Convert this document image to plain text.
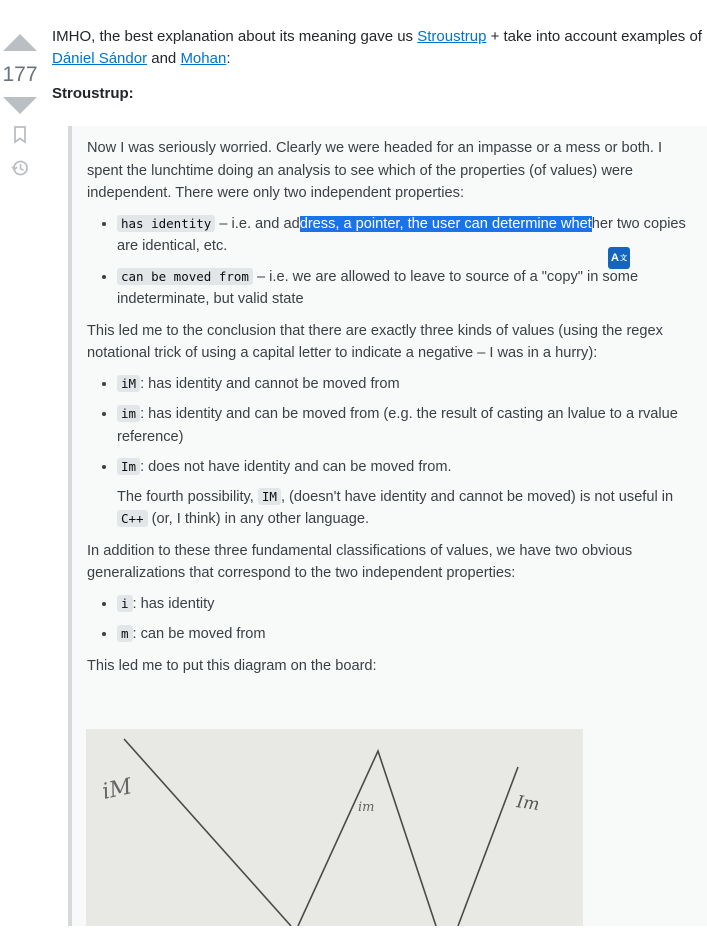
177

IMHO, the best explanation about its meaning gave us Stroustrup + take into account examples of Dániel Sándor and Mohan:

Stroustrup:

Now I was seriously worried. Clearly we were headed for an impasse or a mess or both. I spent the lunchtime doing an analysis to see which of the properties (of values) were independent. There were only two independent properties:

• has identity – i.e. and address, a pointer, the user can determine whether two copies are identical, etc.
• can be moved from – i.e. we are allowed to leave to source of a "copy" in some indeterminate, but valid state

This led me to the conclusion that there are exactly three kinds of values (using the regex notational trick of using a capital letter to indicate a negative – I was in a hurry):

• iM : has identity and cannot be moved from
• im : has identity and can be moved from (e.g. the result of casting an lvalue to a rvalue reference)
• Im : does not have identity and can be moved from.

The fourth possibility, IM , (doesn't have identity and cannot be moved) is not useful in C++ (or, I think) in any other language.

In addition to these three fundamental classifications of values, we have two obvious generalizations that correspond to the two independent properties:

• i : has identity
• m : can be moved from

This led me to put this diagram on the board:

A 文
iM
im	Im
